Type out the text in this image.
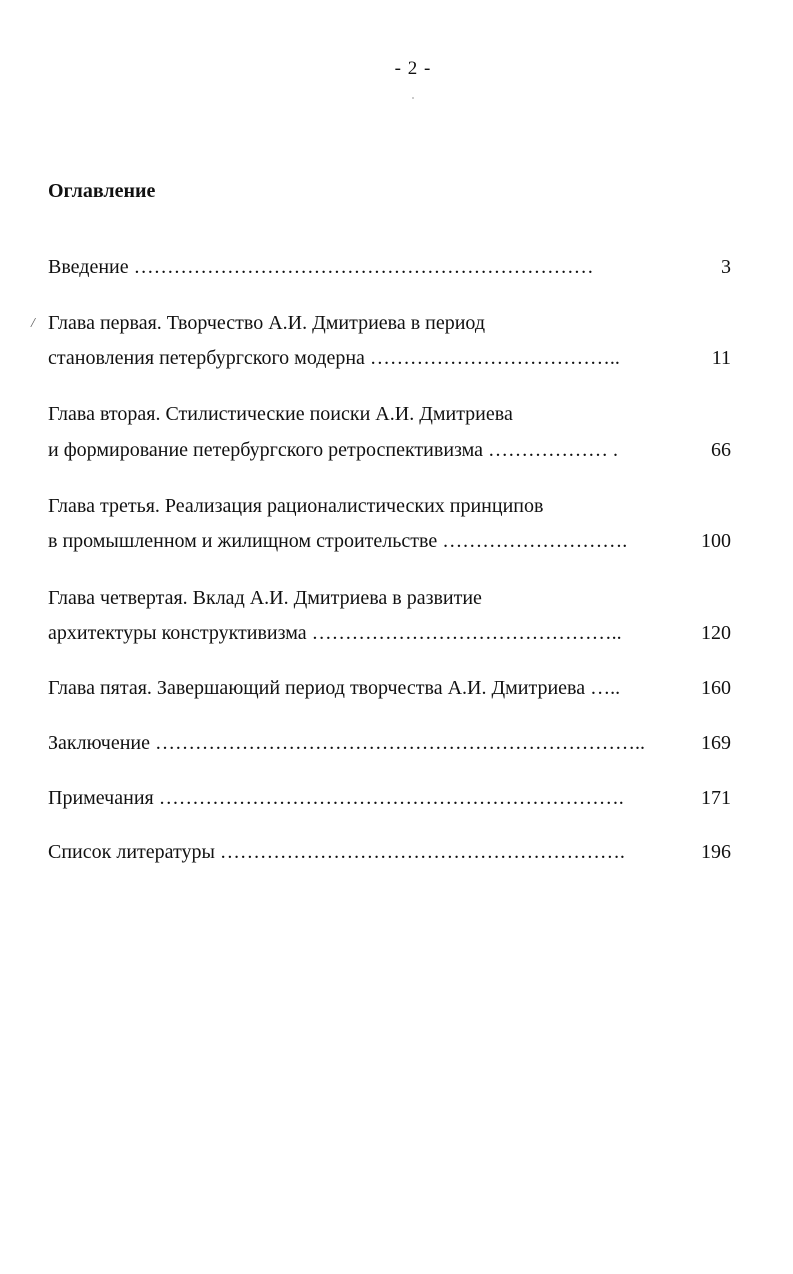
- 2 -
Оглавление
/
Введение ……………………………………………………………	3
Глава первая. Творчество А.И. Дмитриева в период
становления петербургского модерна ………………………………..	11
Глава вторая. Стилистические поиски А.И. Дмитриева
и формирование петербургского ретроспективизма ……………… .	66
Глава третья. Реализация рационалистических принципов
в промышленном и жилищном строительстве ……………………….	100
Глава четвертая. Вклад А.И. Дмитриева в развитие
архитектуры конструктивизма ………………………………………..	120
Глава пятая. Завершающий период творчества А.И. Дмитриева …..	160
Заключение ………………………………………………………………..	169
Примечания …………………………………………………………….	171
Список литературы …………………………………………………….	196
